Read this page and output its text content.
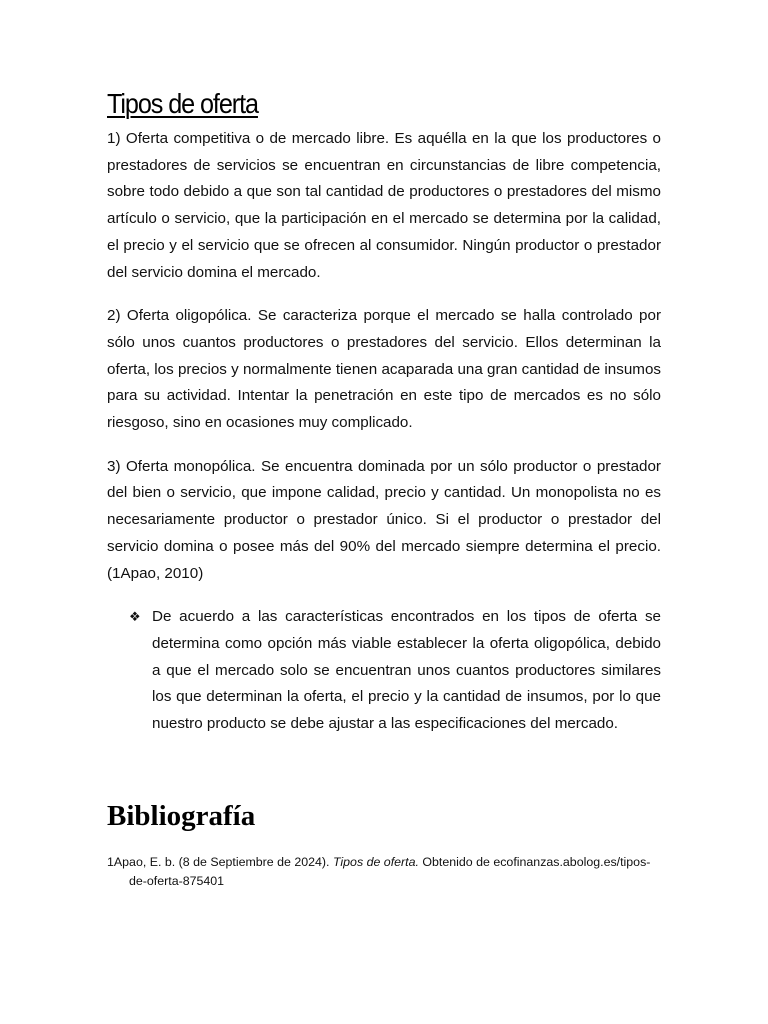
Tipos de oferta

1) Oferta competitiva o de mercado libre. Es aquélla en la que los productores o prestadores de servicios se encuentran en circunstancias de libre competencia, sobre todo debido a que son tal cantidad de productores o prestadores del mismo artículo o servicio, que la participación en el mercado se determina por la calidad, el precio y el servicio que se ofrecen al consumidor. Ningún productor o prestador del servicio domina el mercado.

2) Oferta oligopólica. Se caracteriza porque el mercado se halla controlado por sólo unos cuantos productores o prestadores del servicio. Ellos determinan la oferta, los precios y normalmente tienen acaparada una gran cantidad de insumos para su actividad. Intentar la penetración en este tipo de mercados es no sólo riesgoso, sino en ocasiones muy complicado.

3) Oferta monopólica. Se encuentra dominada por un sólo productor o prestador del bien o servicio, que impone calidad, precio y cantidad. Un monopolista no es necesariamente productor o prestador único. Si el productor o prestador del servicio domina o posee más del 90% del mercado siempre determina el precio. (1Apao, 2010)

❖ De acuerdo a las características encontrados en los tipos de oferta se determina como opción más viable establecer la oferta oligopólica, debido a que el mercado solo se encuentran unos cuantos productores similares los que determinan la oferta, el precio y la cantidad de insumos, por lo que nuestro producto se debe ajustar a las especificaciones del mercado.

Bibliografía
1Apao, E. b. (8 de Septiembre de 2024). Tipos de oferta. Obtenido de ecofinanzas.abolog.es/tipos-de-oferta-875401
